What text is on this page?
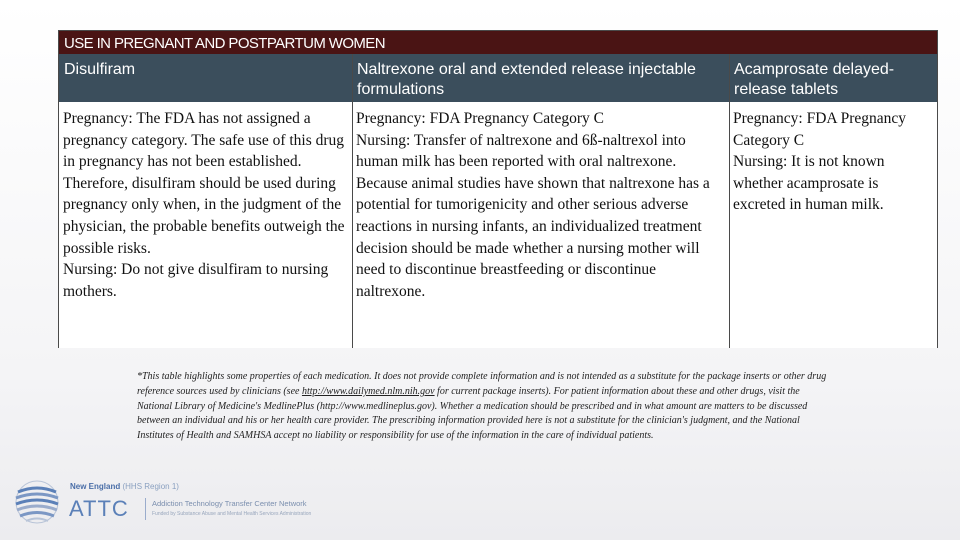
USE IN PREGNANT AND POSTPARTUM WOMEN
Disulfiram	Naltrexone oral and extended release injectable formulations
Acamprosate delayed-release tablets

Pregnancy: The FDA has not assigned a pregnancy category. The safe use of this drug in pregnancy has not been established. Therefore, disulfiram should be used during pregnancy only when, in the judgment of the physician, the probable benefits outweigh the possible risks.

Nursing: Do not give disulfiram to nursing mothers.

Pregnancy: FDA Pregnancy Category C

Nursing: Transfer of naltrexone and 6ß-naltrexol into human milk has been reported with oral naltrexone. Because animal studies have shown that naltrexone has a potential for tumorigenicity and other serious adverse reactions in nursing infants, an individualized treatment decision should be made whether a nursing mother will need to discontinue breastfeeding or discontinue naltrexone.

Pregnancy: FDA Pregnancy Category C

Nursing: It is not known whether acamprosate is excreted in human milk.

*This table highlights some properties of each medication. It does not provide complete information and is not intended as a substitute for the package inserts or other drug reference sources used by clinicians (see http://www.dailymed.nlm.nih.gov for current package inserts). For patient information about these and other drugs, visit the National Library of Medicine's MedlinePlus (http://www.medlineplus.gov). Whether a medication should be prescribed and in what amount are matters to be discussed between an individual and his or her health care provider. The prescribing information provided here is not a substitute for the clinician's judgment, and the National Institutes of Health and SAMHSA accept no liability or responsibility for use of the information in the care of individual patients.
New England (HHS Region 1)
ATTC	Addiction Technology Transfer Center Network
Funded by Substance Abuse and Mental Health Services Administration
